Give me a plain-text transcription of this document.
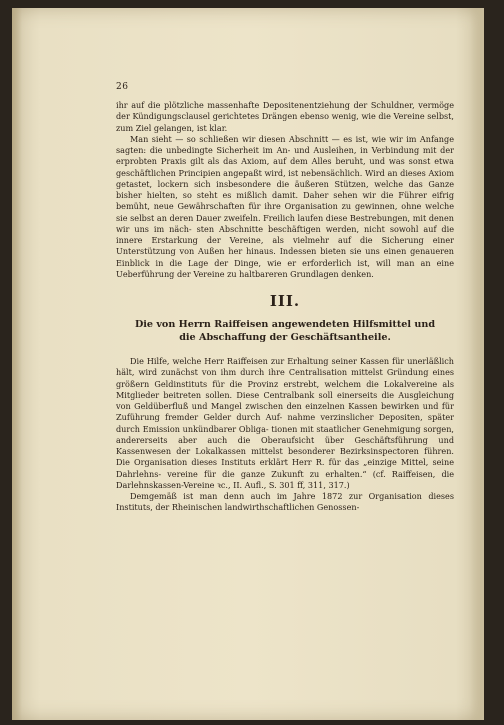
26

ihr auf die plötzliche massenhafte Depositenentziehung der Schuldner, vermöge der Kündigungsclausel gerichtetes Drängen ebenso wenig, wie die Vereine selbst, zum Ziel gelangen, ist klar.

Man sieht — so schließen wir diesen Abschnitt — es ist, wie wir im Anfange sagten: die unbedingte Sicherheit im An- und Ausleihen, in Verbindung mit der erprobten Praxis gilt als das Axiom, auf dem Alles beruht, und was sonst etwa geschäftlichen Principien angepaßt wird, ist nebensächlich. Wird an dieses Axiom getastet, lockern sich insbesondere die äußeren Stützen, welche das Ganze bisher hielten, so steht es mißlich damit. Daher sehen wir die Führer eifrig bemüht, neue Gewährschaften für ihre Organisation zu gewinnen, ohne welche sie selbst an deren Dauer zweifeln. Freilich laufen diese Bestrebungen, mit denen wir uns im näch- sten Abschnitte beschäftigen werden, nicht sowohl auf die innere Erstarkung der Vereine, als vielmehr auf die Sicherung einer Unterstützung von Außen her hinaus. Indessen bieten sie uns einen genaueren Einblick in die Lage der Dinge, wie er erforderlich ist, will man an eine Ueberführung der Vereine zu haltbareren Grundlagen denken.

III.
Die von Herrn Raiffeisen angewendeten Hilfsmittel und
die Abschaffung der Geschäftsantheile.

Die Hilfe, welche Herr Raiffeisen zur Erhaltung seiner Kassen für unerläßlich hält, wird zunächst von ihm durch ihre Centralisation mittelst Gründung eines größern Geldinstituts für die Provinz erstrebt, welchem die Lokalvereine als Mitglieder beitreten sollen. Diese Centralbank soll einerseits die Ausgleichung von Geldüberfluß und Mangel zwischen den einzelnen Kassen bewirken und für Zuführung fremder Gelder durch Auf- nahme verzinslicher Depositen, später durch Emission unkündbarer Obliga- tionen mit staatlicher Genehmigung sorgen, andererseits aber auch die Oberaufsicht über Geschäftsführung und Kassenwesen der Lokalkassen mittelst besonderer Bezirksinspectoren führen. Die Organisation dieses Instituts erklärt Herr R. für das „einzige Mittel, seine Dahrlehns- vereine für die ganze Zukunft zu erhalten.“ (cf. Raiffeisen, die Darlehnskassen-Vereine ꝛc., II. Aufl., S. 301 ff, 311, 317.)

Demgemäß ist man denn auch im Jahre 1872 zur Organisation dieses Instituts, der Rheinischen landwirthschaftlichen Genossen-
